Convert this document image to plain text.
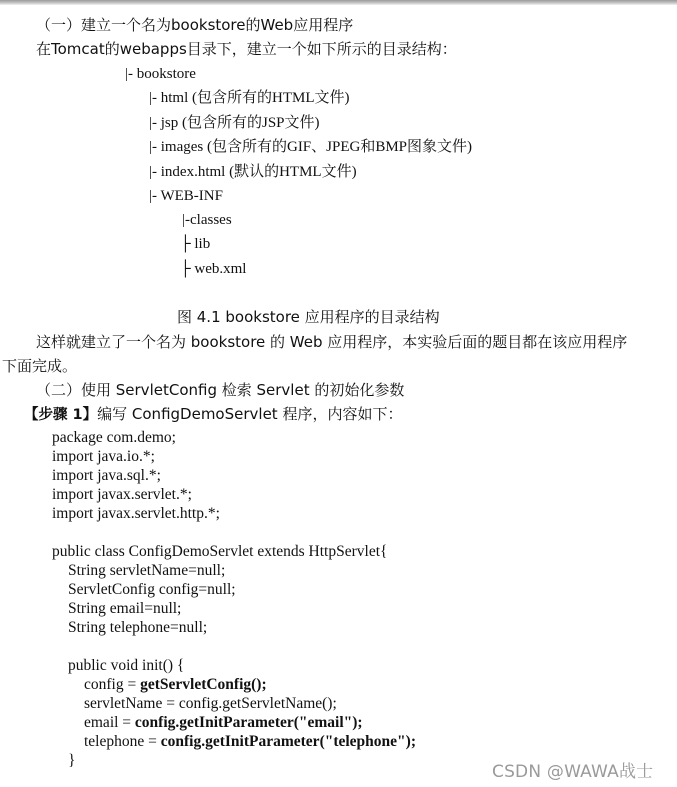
（一）建立一个名为bookstore的Web应用程序
在Tomcat的webapps目录下，建立一个如下所示的目录结构：
|- bookstore
|- html (包含所有的HTML文件)
|- jsp (包含所有的JSP文件)
|- images (包含所有的GIF、JPEG和BMP图象文件)
|- index.html (默认的HTML文件)
|- WEB-INF
|-classes
├ lib
├ web.xml
图 4.1 bookstore 应用程序的目录结构
这样就建立了一个名为 bookstore 的 Web 应用程序，本实验后面的题目都在该应用程序
下面完成。
（二）使用 ServletConfig 检索 Servlet 的初始化参数
【步骤 1】编写 ConfigDemoServlet 程序，内容如下：
package com.demo;
import java.io.*;
import java.sql.*;
import javax.servlet.*;
import javax.servlet.http.*;
public class ConfigDemoServlet extends HttpServlet{
String servletName=null;
ServletConfig config=null;
String email=null;
String telephone=null;
public void init() {
config = getServletConfig();
servletName = config.getServletName();
email = config.getInitParameter("email");
telephone = config.getInitParameter("telephone");
}
CSDN @WAWA战士
